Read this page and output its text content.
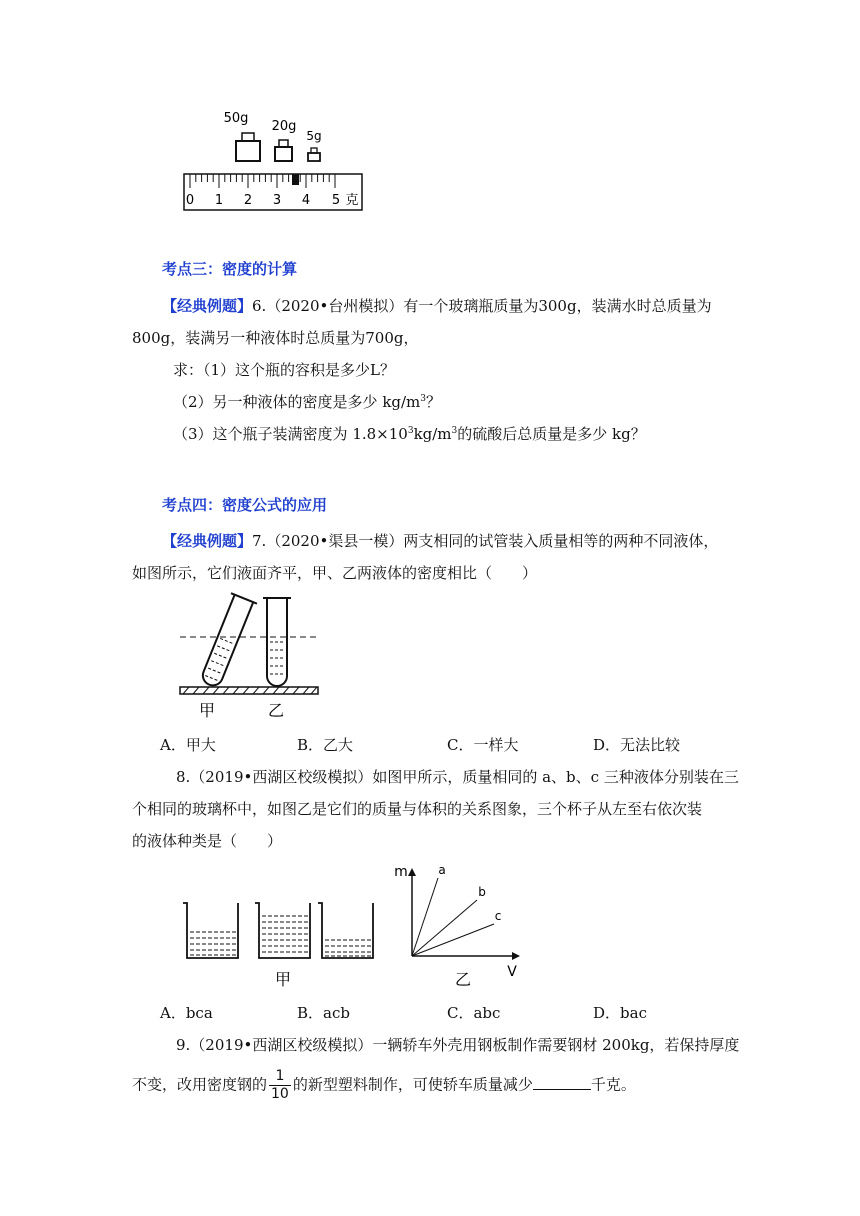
50g
20g
5g
0 1 2 3 4 5 克
考点三：密度的计算
【经典例题】6.（2020•台州模拟）有一个玻璃瓶质量为300g，装满水时总质量为
800g，装满另一种液体时总质量为700g，
求：（1）这个瓶的容积是多少L？
（2）另一种液体的密度是多少 $kg/m^3$？
（3）这个瓶子装满密度为 $1.8\times 10^3kg/m^3$的硫酸后总质量是多少 kg？
考点四：密度公式的应用
【经典例题】7.（2020•渠县一模）两支相同的试管装入质量相等的两种不同液体，
如图所示，它们液面齐平，甲、乙两液体的密度相比（　　）
甲	乙
A．甲大	B．乙大	C．一样大	D．无法比较
8.（2019•西湖区校级模拟）如图甲所示，质量相同的 a、b、c 三种液体分别装在三
个相同的玻璃杯中，如图乙是它们的质量与体积的关系图象，三个杯子从左至右依次装
的液体种类是（　　）
甲
m
V
a
b
c
乙
A．bca	B．acb	C．abc	D．bac
9.（2019•西湖区校级模拟）一辆轿车外壳用钢板制作需要钢材 200kg，若保持厚度
不变，改用密度钢的 $\frac{1}{10}$ 的新型塑料制作，可使轿车质量减少	千克。
